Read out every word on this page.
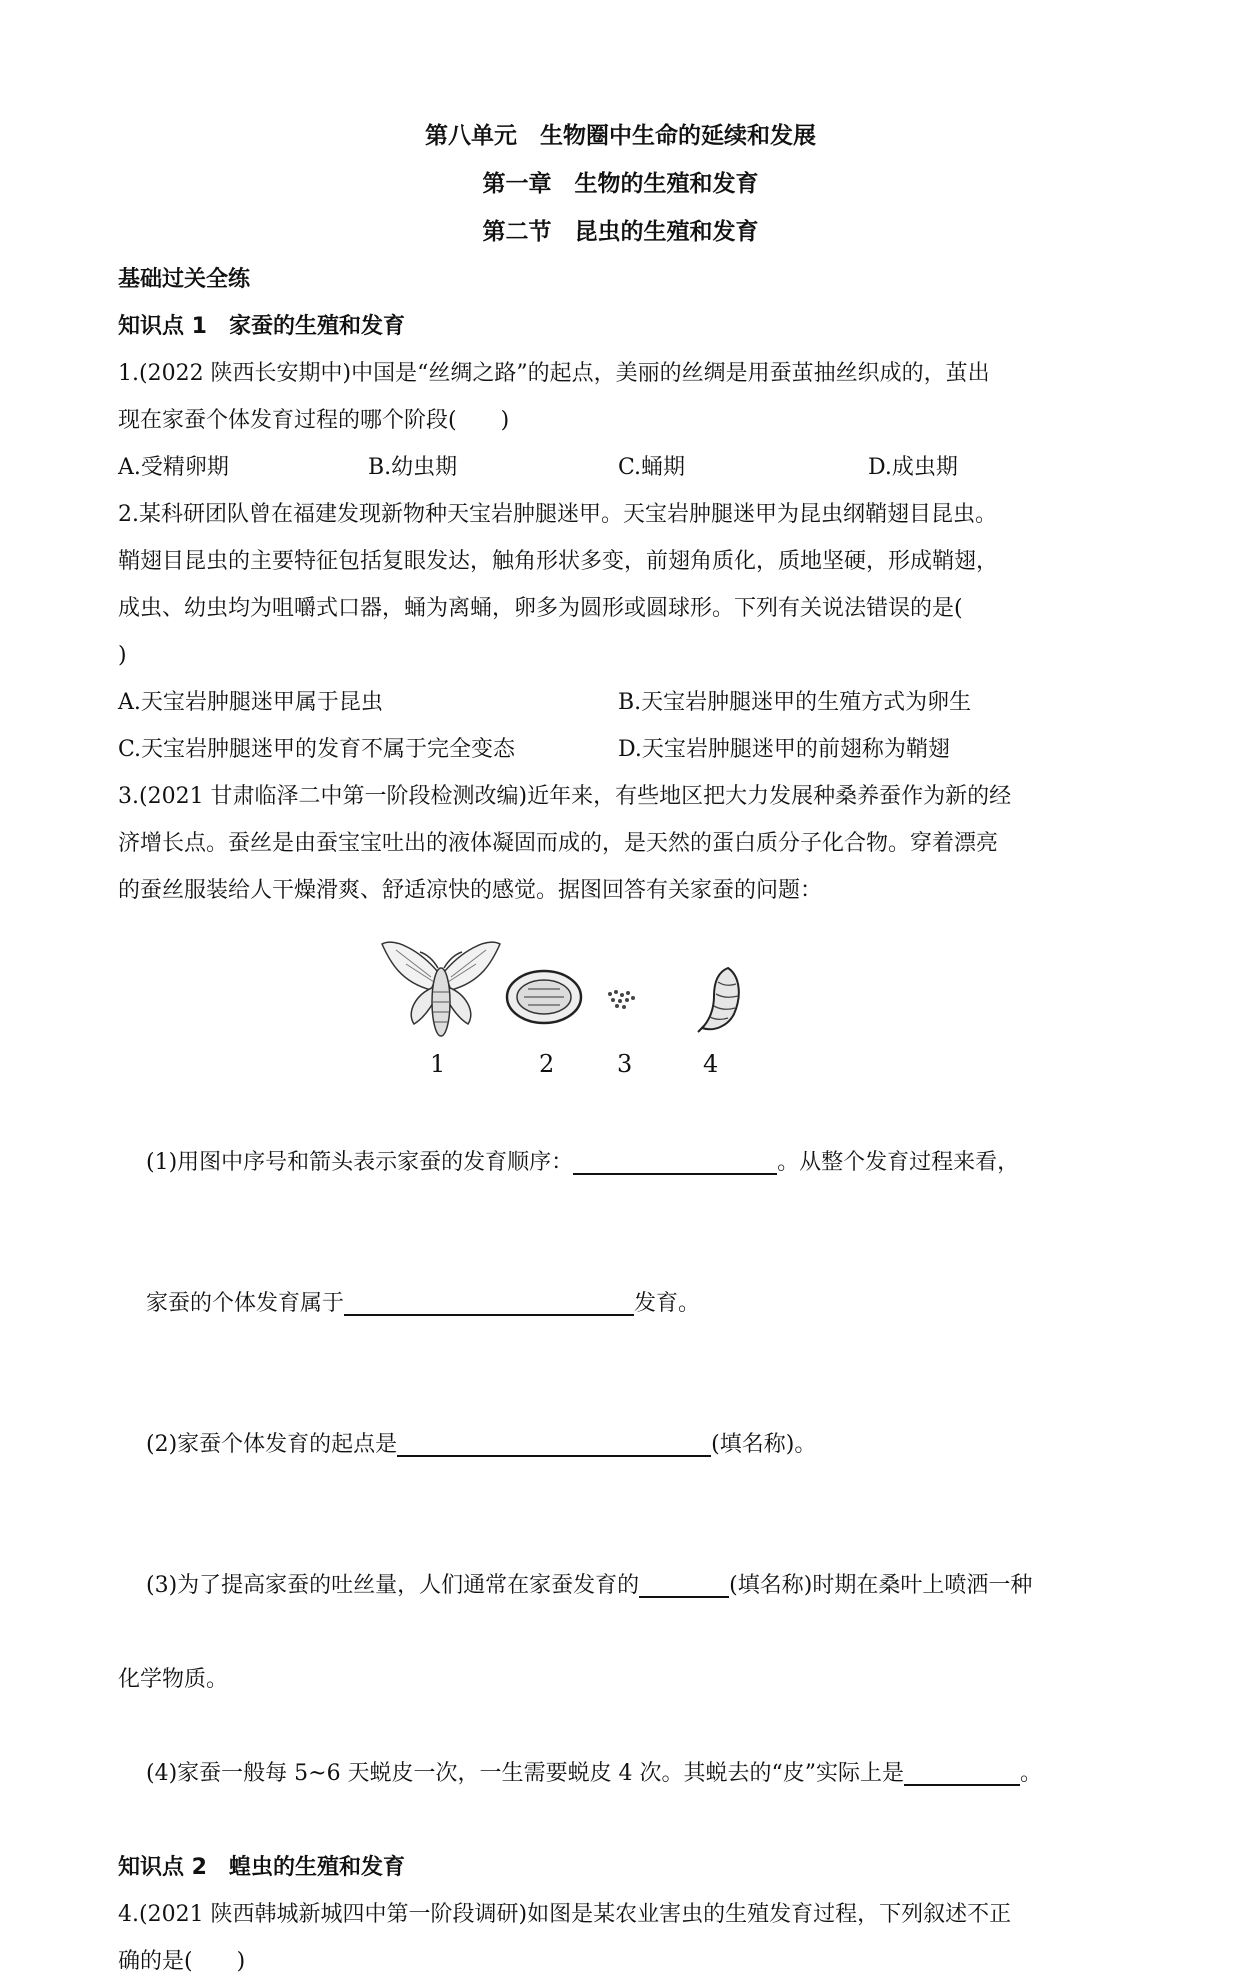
第八单元　生物圈中生命的延续和发展
第一章　生物的生殖和发育
第二节　昆虫的生殖和发育
基础过关全练
知识点 1　家蚕的生殖和发育
1.(2022 陕西长安期中)中国是“丝绸之路”的起点，美丽的丝绸是用蚕茧抽丝织成的，茧出
现在家蚕个体发育过程的哪个阶段(　　)
A.受精卵期	B.幼虫期	C.蛹期	D.成虫期
2.某科研团队曾在福建发现新物种天宝岩肿腿迷甲。天宝岩肿腿迷甲为昆虫纲鞘翅目昆虫。
鞘翅目昆虫的主要特征包括复眼发达，触角形状多变，前翅角质化，质地坚硬，形成鞘翅，
成虫、幼虫均为咀嚼式口器，蛹为离蛹，卵多为圆形或圆球形。下列有关说法错误的是(
)
A.天宝岩肿腿迷甲属于昆虫	B.天宝岩肿腿迷甲的生殖方式为卵生
C.天宝岩肿腿迷甲的发育不属于完全变态	D.天宝岩肿腿迷甲的前翅称为鞘翅
3.(2021 甘肃临泽二中第一阶段检测改编)近年来，有些地区把大力发展种桑养蚕作为新的经
济增长点。蚕丝是由蚕宝宝吐出的液体凝固而成的，是天然的蛋白质分子化合物。穿着漂亮
的蚕丝服装给人干燥滑爽、舒适凉快的感觉。据图回答有关家蚕的问题：
1	2	3	4

(1)用图中序号和箭头表示家蚕的发育顺序：	。从整个发育过程来看，

家蚕的个体发育属于	发育。

(2)家蚕个体发育的起点是	(填名称)。

(3)为了提高家蚕的吐丝量，人们通常在家蚕发育的	(填名称)时期在桑叶上喷洒一种

化学物质。

(4)家蚕一般每 5~6 天蜕皮一次，一生需要蜕皮 4 次。其蜕去的“皮”实际上是	。

知识点 2　蝗虫的生殖和发育
4.(2021 陕西韩城新城四中第一阶段调研)如图是某农业害虫的生殖发育过程，下列叙述不正
确的是(　　)
